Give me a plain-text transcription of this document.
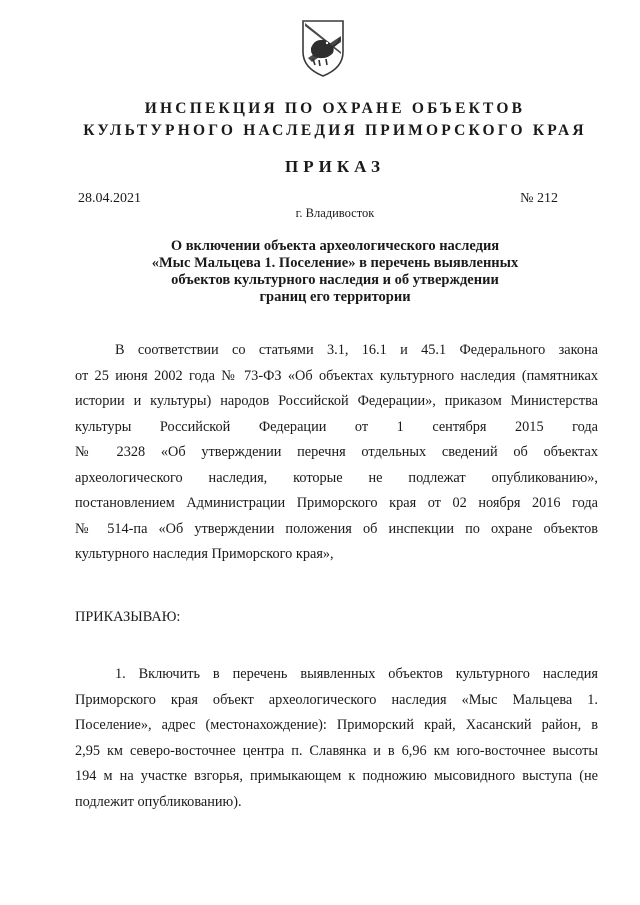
ИНСПЕКЦИЯ ПО ОХРАНЕ ОБЪЕКТОВ
КУЛЬТУРНОГО НАСЛЕДИЯ ПРИМОРСКОГО КРАЯ
ПРИКАЗ
28.04.2021	№ 212
г. Владивосток
О включении объекта археологического наследия
«Мыс Мальцева 1. Поселение» в перечень выявленных
объектов культурного наследия и об утверждении
границ его территории
В соответствии со статьями 3.1, 16.1 и 45.1 Федерального закона
от 25 июня 2002 года № 73-ФЗ «Об объектах культурного наследия (памятниках
истории и культуры) народов Российской Федерации», приказом Министерства
культуры Российской Федерации от 1 сентября 2015 года
№ 2328 «Об утверждении перечня отдельных сведений об объектах
археологического наследия, которые не подлежат опубликованию»,
постановлением Администрации Приморского края от 02 ноября 2016 года
№ 514-па «Об утверждении положения об инспекции по охране объектов
культурного наследия Приморского края»,
ПРИКАЗЫВАЮ:
1. Включить в перечень выявленных объектов культурного наследия
Приморского края объект археологического наследия «Мыс Мальцева 1.
Поселение», адрес (местонахождение): Приморский край, Хасанский район, в
2,95 км северо-восточнее центра п. Славянка и в 6,96 км юго-восточнее высоты
194 м на участке взгорья, примыкающем к подножию мысовидного выступа (не
подлежит опубликованию).
